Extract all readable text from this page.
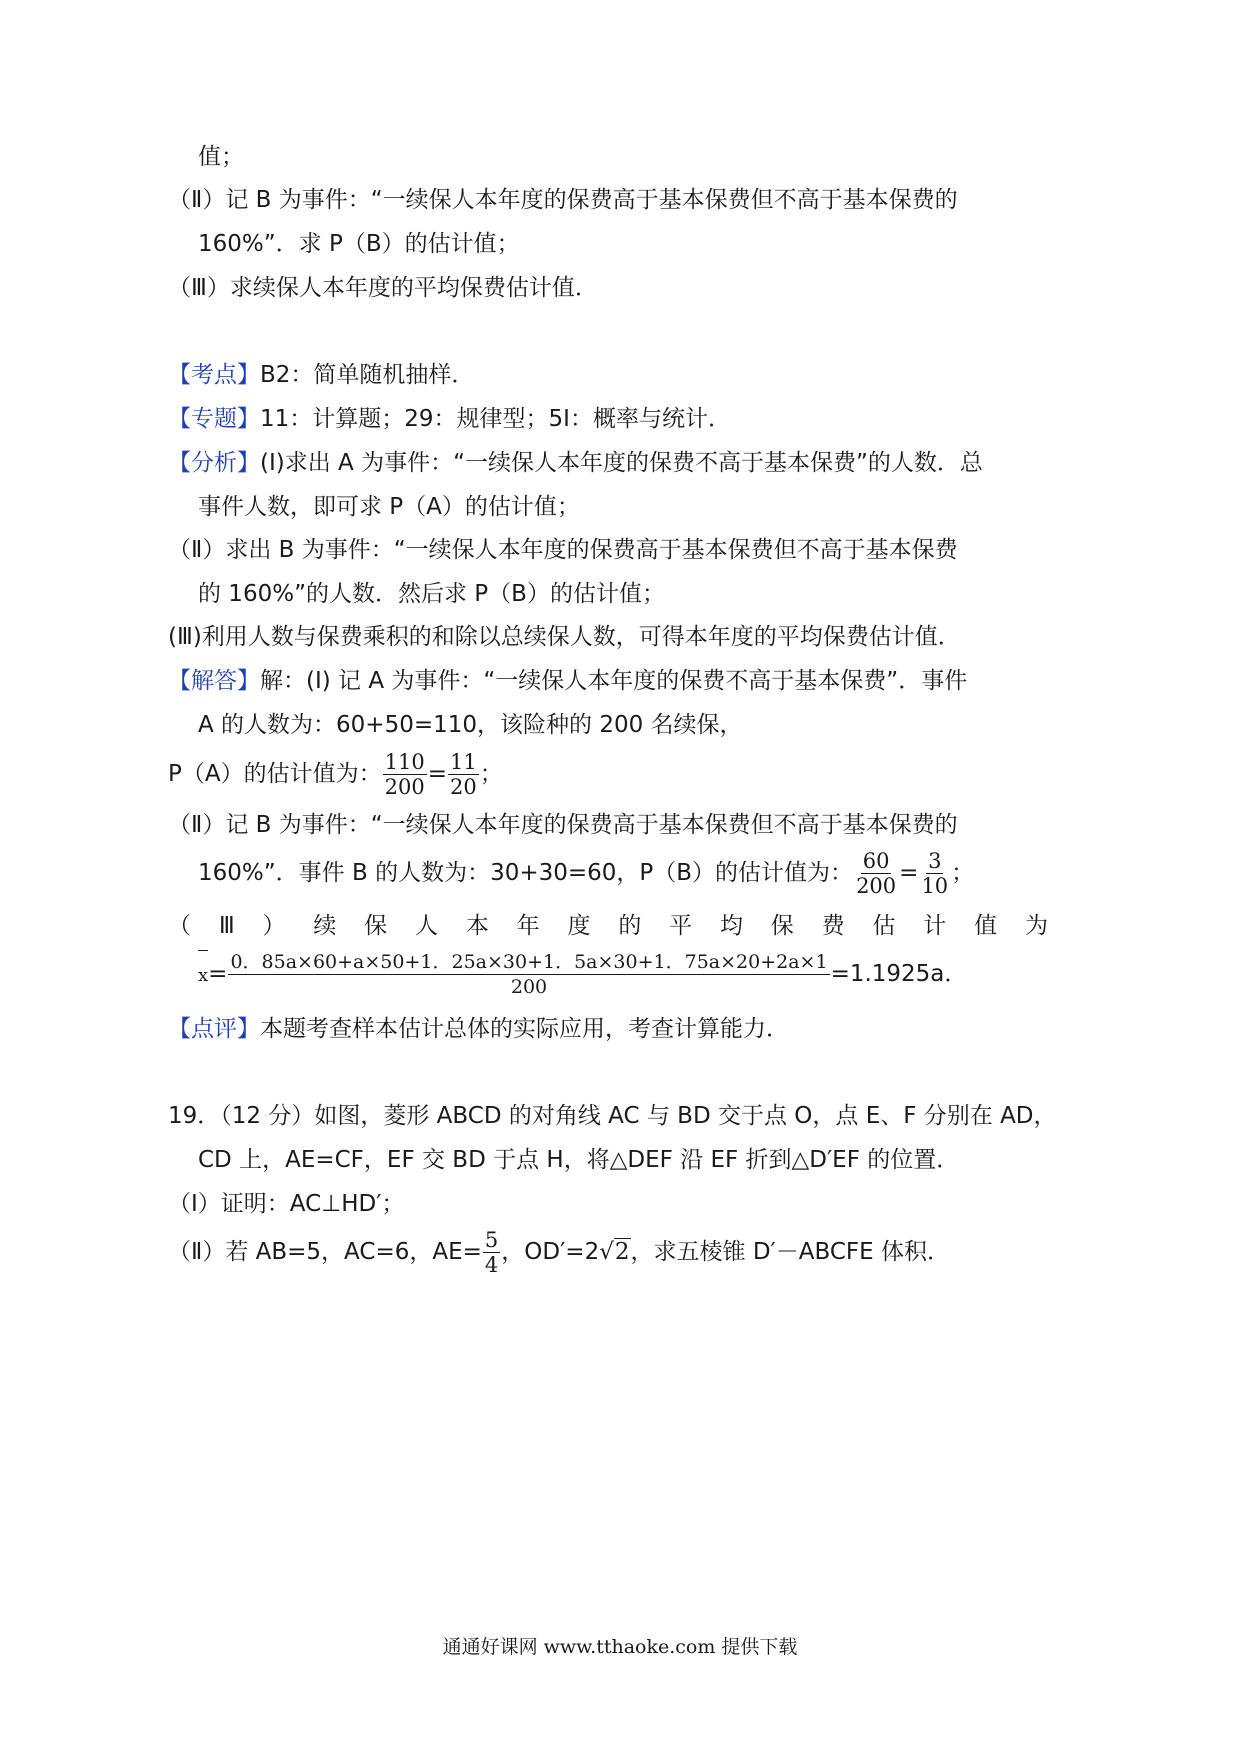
值；
（Ⅱ）记 B 为事件：“一续保人本年度的保费高于基本保费但不高于基本保费的
160%”．求 P（B）的估计值；
（Ⅲ）求续保人本年度的平均保费估计值．
【考点】B2：简单随机抽样．
【专题】11：计算题；29：规律型；5I：概率与统计．
【分析】(Ⅰ)求出 A 为事件：“一续保人本年度的保费不高于基本保费”的人数．总
事件人数，即可求 P（A）的估计值；
（Ⅱ）求出 B 为事件：“一续保人本年度的保费高于基本保费但不高于基本保费
的 160%”的人数．然后求 P（B）的估计值；
(Ⅲ)利用人数与保费乘积的和除以总续保人数，可得本年度的平均保费估计值．
【解答】解：(Ⅰ) 记 A 为事件：“一续保人本年度的保费不高于基本保费”．事件
A 的人数为：60+50=110，该险种的 200 名续保，
P（A）的估计值为： $\frac{110}{200} = \frac{11}{20}$ ；
（Ⅱ）记 B 为事件：“一续保人本年度的保费高于基本保费但不高于基本保费的
160%”．事件 B 的人数为：30+30=60，P（B）的估计值为： $\frac{60}{200} = \frac{3}{10}$ ；
（ Ⅲ ） 续 保 人 本 年 度 的 平 均 保 费 估 计 值 为
$x= \frac{0.85a\times 60+a\times 50+1.25a\times 30+1.5a\times 30+1.75a\times 20+2a\times 1}{200} =1.1925a$．
【点评】本题考查样本估计总体的实际应用，考查计算能力．
19．（12 分）如图，菱形 ABCD 的对角线 AC 与 BD 交于点 O，点 E、F 分别在 AD，
CD 上，AE=CF，EF 交 BD 于点 H，将△DEF 沿 EF 折到△D′EF 的位置．
（Ⅰ）证明：AC⊥HD′；
（Ⅱ）若 AB=5，AC=6，$AE= \frac{5}{4}$ ，OD′=2√2，求五棱锥 D′－ABCFE 体积．
通通好课网 www.tthaoke.com 提供下载
